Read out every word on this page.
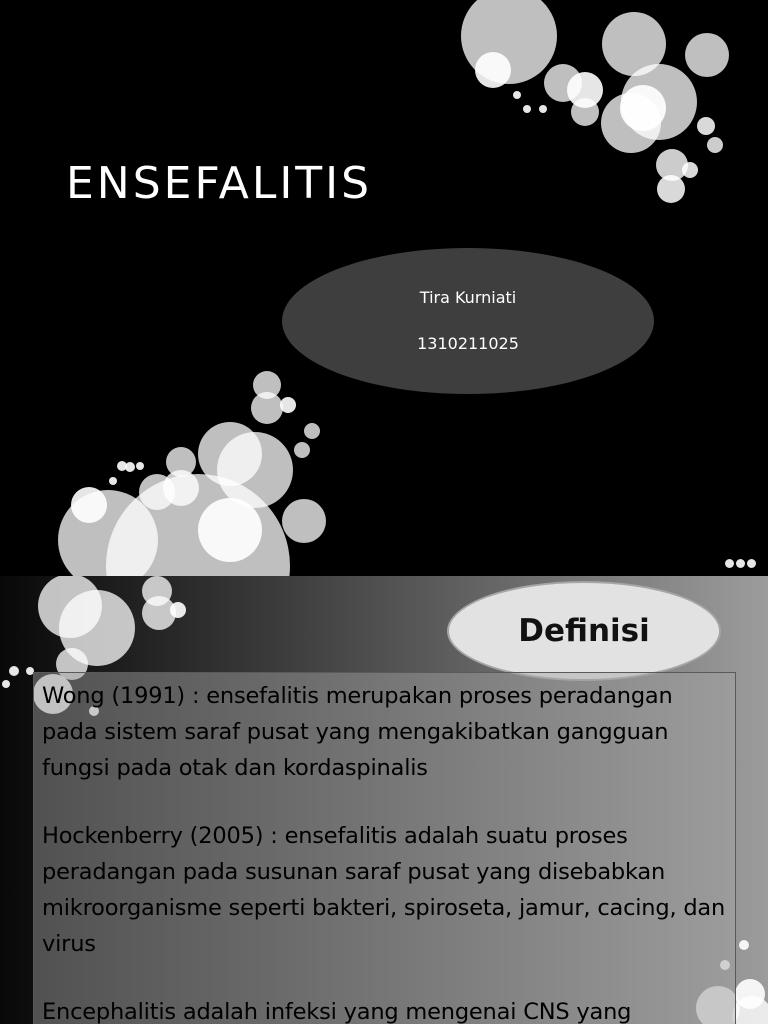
ENSEFALITIS
Tira Kurniati
1310211025
Definisi

Wong (1991) : ensefalitis merupakan proses peradangan pada sistem saraf pusat yang mengakibatkan gangguan fungsi pada otak dan kordaspinalis

Hockenberry (2005) : ensefalitis adalah suatu proses peradangan pada susunan saraf pusat yang disebabkan mikroorganisme seperti bakteri, spiroseta, jamur, cacing, dan virus

Encephalitis adalah infeksi yang mengenai CNS yang
